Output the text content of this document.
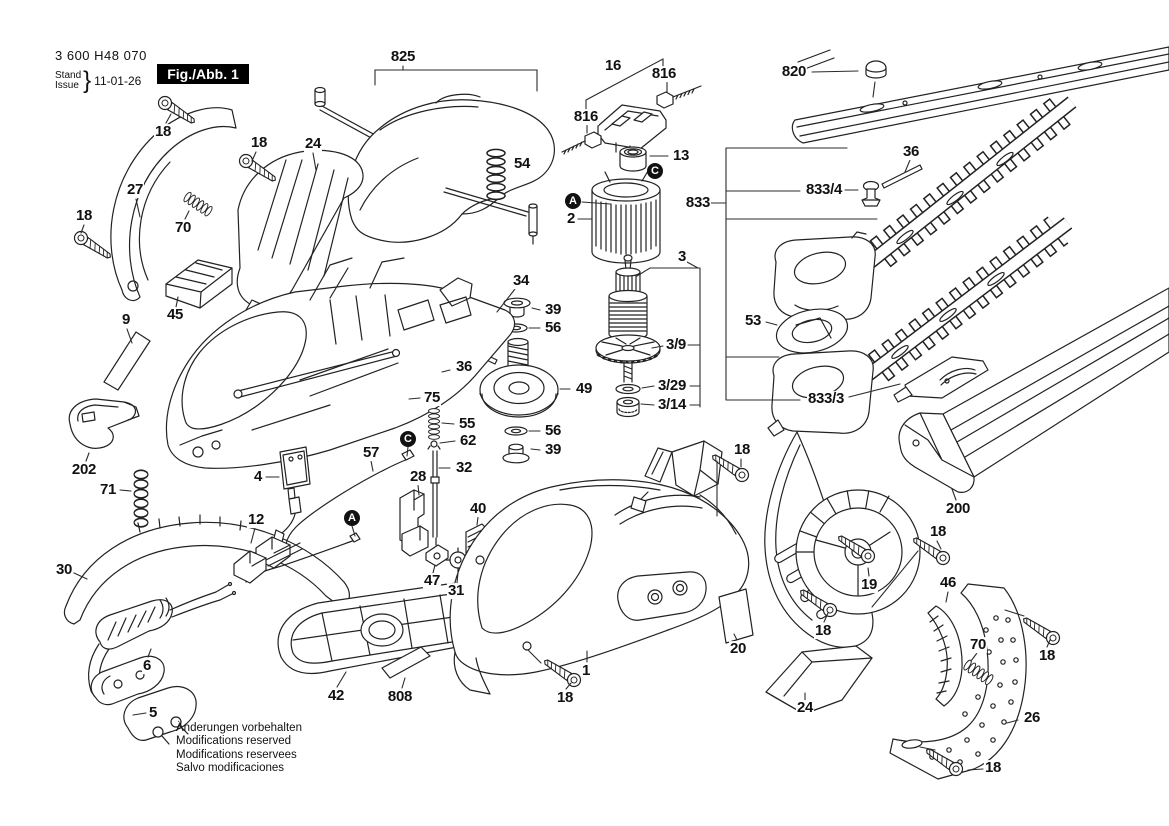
3 600 H48 070
Stand
Issue } 11-01-26	Fig./Abb. 1
825
16 816
816
820
36
18
24
18
27
70
54	13
833/4
833
18	2
9 45
34
39
56
3
3/9
53
36
75
49	3/29
3/14	833/3
202
55
62
56
39
71
57
4	28
32
40	200
30
12
18
18
19	46
47
31
20
18
70
24
26
18
1
18
6
42	808
5
18
A
C
C
A
Änderungen vorbehalten
Modifications reserved
Modifications reservees
Salvo modificaciones
